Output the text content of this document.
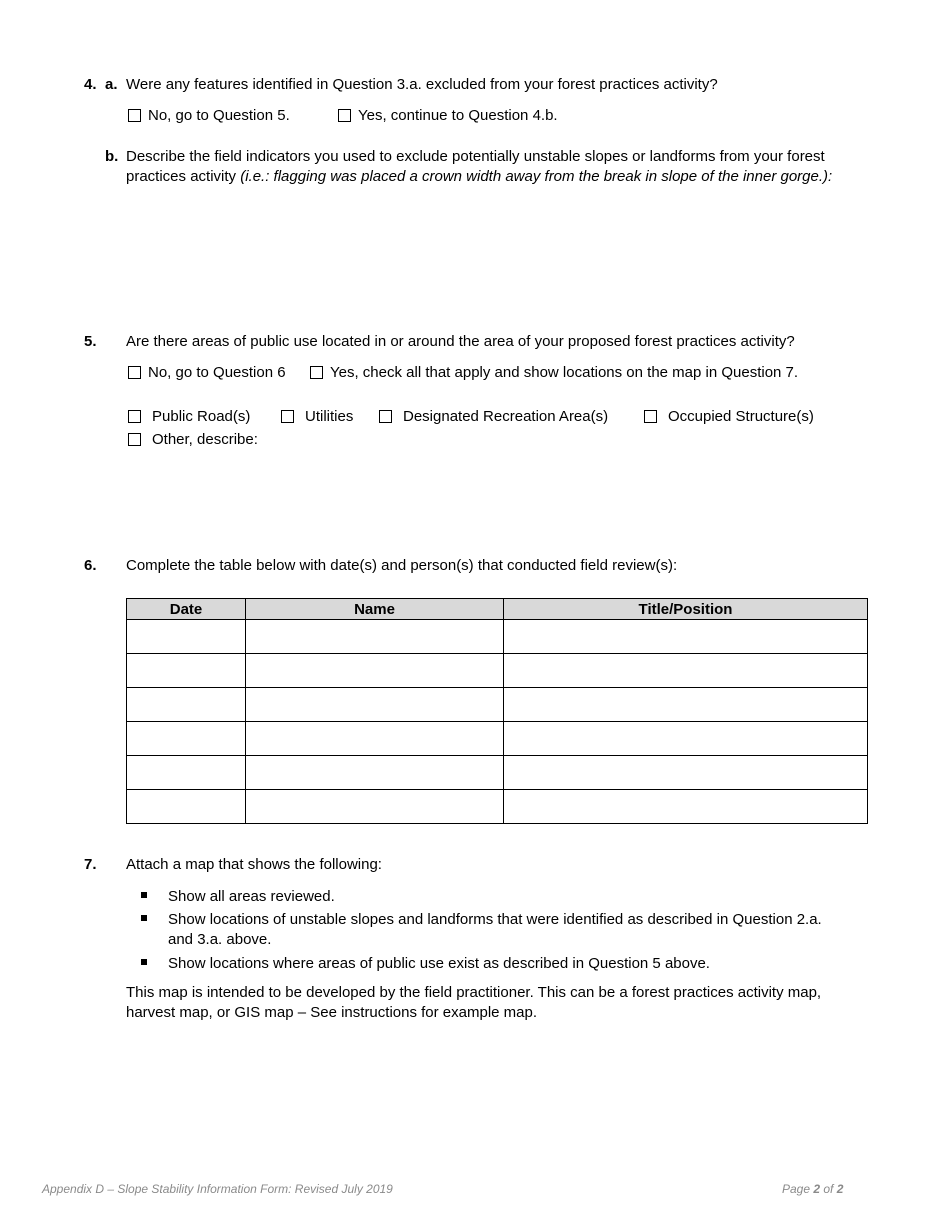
4. a. Were any features identified in Question 3.a. excluded from your forest practices activity?
No, go to Question 5.	Yes, continue to Question 4.b.
b. Describe the field indicators you used to exclude potentially unstable slopes or landforms from your forest
practices activity (i.e.: flagging was placed a crown width away from the break in slope of the inner gorge.):
5. Are there areas of public use located in or around the area of your proposed forest practices activity?
No, go to Question 6	Yes, check all that apply and show locations on the map in Question 7.
Public Road(s)	Utilities	Designated Recreation Area(s)	Occupied Structure(s)
Other, describe:
6. Complete the table below with date(s) and person(s) that conducted field review(s):
Date	Name	Title/Position

7. Attach a map that shows the following:
Show all areas reviewed.
Show locations of unstable slopes and landforms that were identified as described in Question 2.a.
and 3.a. above.
Show locations where areas of public use exist as described in Question 5 above.
This map is intended to be developed by the field practitioner. This can be a forest practices activity map,
harvest map, or GIS map – See instructions for example map.
Appendix D – Slope Stability Information Form: Revised July 2019	Page 2 of 2
